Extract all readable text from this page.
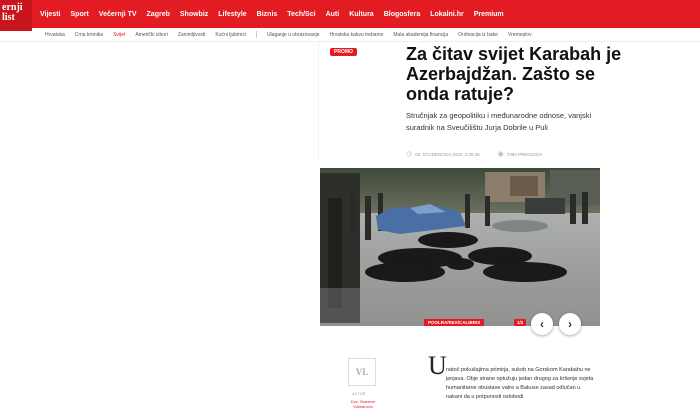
ernji
list	Vijesti Sport Večernji TV Zagreb Showbiz Lifestyle Biznis Tech/Sci Auti Kultura Blogosfera Lokalni.hr Premium
Hrvatska Crna kronika Svijet Američki izbori Zanimljivosti Kućni ljubimci	Ulaganje u obrazovanje Hrvatska kakvu trebamo Mala akademija financija Ordinacija iz bake Vremeplov
PROMO	Za čitav svijet Karabah je Azerbajdžan. Zašto se onda ratuje?

Stručnjak za geopolitiku i međunarodne odnose, vanjski suradnik na Sveučilištu Jurja Dobrile u Puli

◷ 02. STUDENOGA 2020. 2:30:45	◉ 7350 PREGLEDA
POOLRA/REX/CALIBRIS	1/2 ‹ ›
VL
AUTOR
Doc. Branimir Vidmarović
U natoč pokušajima primirja, sukob na Gorskom Karabahu ne jenjava. Obje strane optužuju jedan drugog za kršenje svjeta humanitarne obustave vatre a Bakuse zasad odlučan u nakani da u potpunosti oslobodi
